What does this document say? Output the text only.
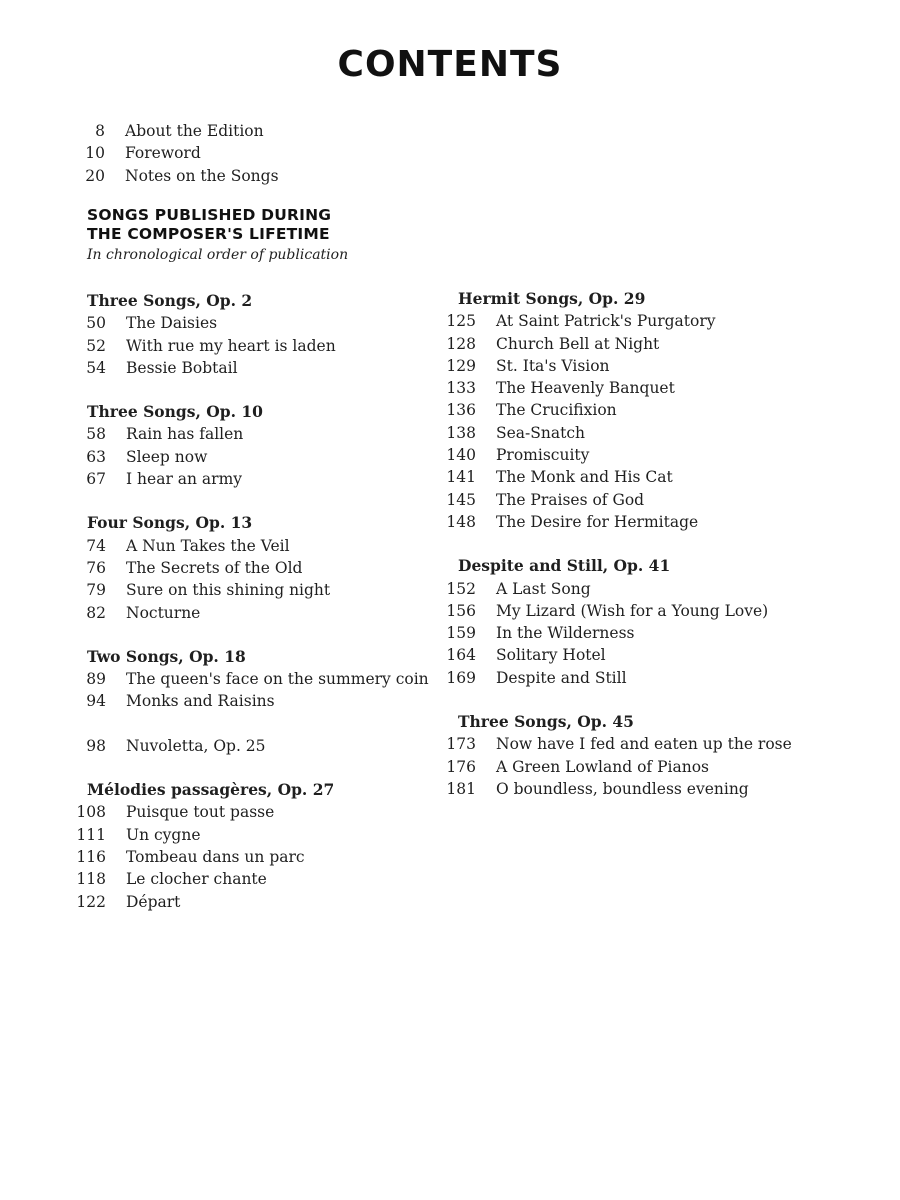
CONTENTS
8 About the Edition
10 Foreword
20 Notes on the Songs
SONGS PUBLISHED DURING
THE COMPOSER'S LIFETIME
In chronological order of publication
Three Songs, Op. 2
50 The Daisies
52 With rue my heart is laden
54 Bessie Bobtail
Three Songs, Op. 10
58 Rain has fallen
63 Sleep now
67 I hear an army
Four Songs, Op. 13
74 A Nun Takes the Veil
76 The Secrets of the Old
79 Sure on this shining night
82 Nocturne
Two Songs, Op. 18
89 The queen's face on the summery coin
94 Monks and Raisins
98 Nuvoletta, Op. 25
Mélodies passagères, Op. 27
108 Puisque tout passe
111 Un cygne
116 Tombeau dans un parc
118 Le clocher chante
122 Départ
Hermit Songs, Op. 29
125 At Saint Patrick's Purgatory
128 Church Bell at Night
129 St. Ita's Vision
133 The Heavenly Banquet
136 The Crucifixion
138 Sea-Snatch
140 Promiscuity
141 The Monk and His Cat
145 The Praises of God
148 The Desire for Hermitage
Despite and Still, Op. 41
152 A Last Song
156 My Lizard (Wish for a Young Love)
159 In the Wilderness
164 Solitary Hotel
169 Despite and Still
Three Songs, Op. 45
173 Now have I fed and eaten up the rose
176 A Green Lowland of Pianos
181 O boundless, boundless evening
